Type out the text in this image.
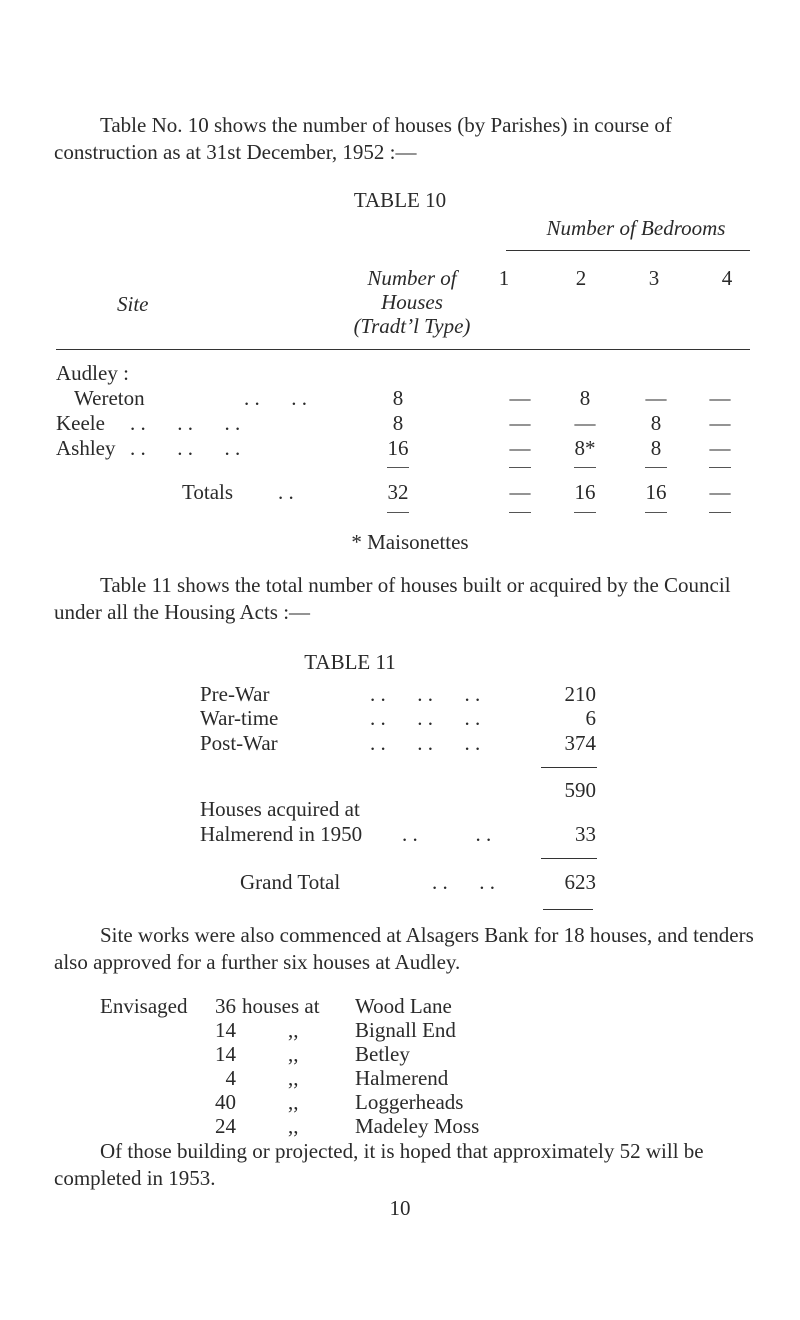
Table No. 10 shows the number of houses (by Parishes) in course of construction as at 31st December, 1952 :—

TABLE 10
Number of Bedrooms
Site
Number of
Houses
(Tradt’l Type)
1	2	3	4
Audley :
Wereton	. .      . .	8	—	8	—	—
Keele . .      . .      . .	8	—	—	8	—
Ashley . .      . .      . .	16	—	8*	8	—
Totals . .	32	—	16	16	—
* Maisonettes

Table 11 shows the total number of houses built or acquired by the Council under all the Housing Acts :—

TABLE 11
Pre-War	. .      . .      . .	210
War-time	. .      . .      . .	6
Post-War	. .      . .      . .	374
590
Houses acquired at
Halmerend in 1950 . .           . .	33
Grand Total	. .      . .	623

Site works were also commenced at Alsagers Bank for 18 houses, and tenders also approved for a further six houses at Audley.

Envisaged	36 houses at Wood Lane
14 ,,	Bignall End
14 ,,	Betley
4 ,,	Halmerend
40 ,,	Loggerheads
24 ,,	Madeley Moss

Of those building or projected, it is hoped that approximately 52 will be completed in 1953.

10
